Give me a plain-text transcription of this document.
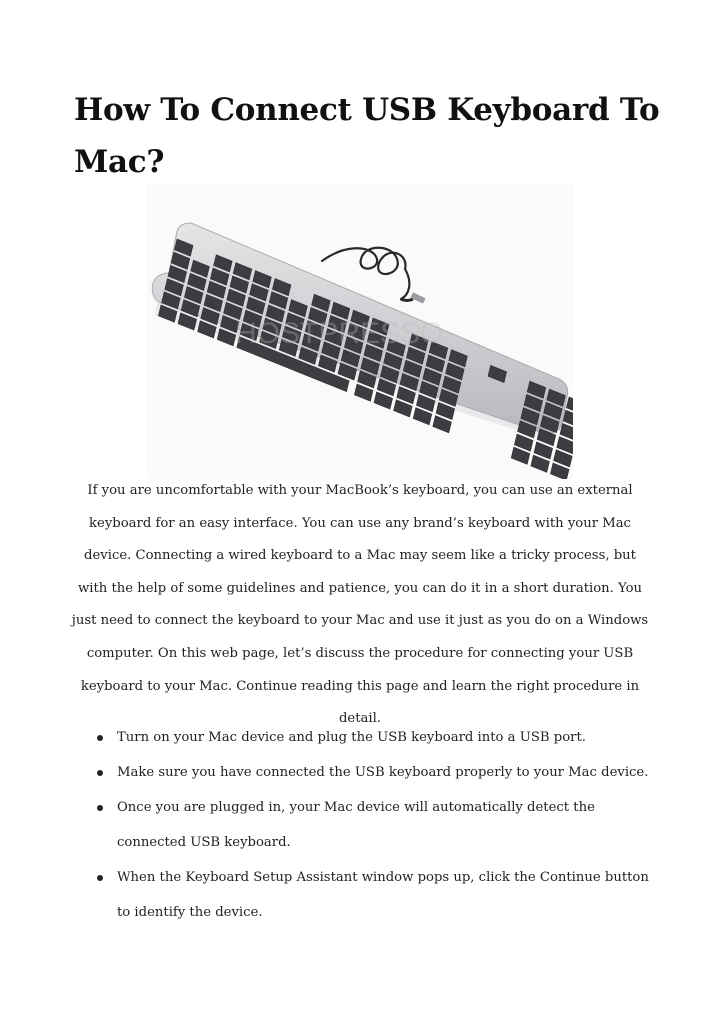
How To Connect USB Keyboard To Mac?
HOSTPRESSO

If you are uncomfortable with your MacBook’s keyboard, you can use an external keyboard for an easy interface. You can use any brand’s keyboard with your Mac device. Connecting a wired keyboard to a Mac may seem like a tricky process, but with the help of some guidelines and patience, you can do it in a short duration. You just need to connect the keyboard to your Mac and use it just as you do on a Windows computer. On this web page, let’s discuss the procedure for connecting your USB keyboard to your Mac. Continue reading this page and learn the right procedure in detail.

Turn on your Mac device and plug the USB keyboard into a USB port.
Make sure you have connected the USB keyboard properly to your Mac device.
Once you are plugged in, your Mac device will automatically detect the connected USB keyboard.
When the Keyboard Setup Assistant window pops up, click the Continue button to identify the device.
